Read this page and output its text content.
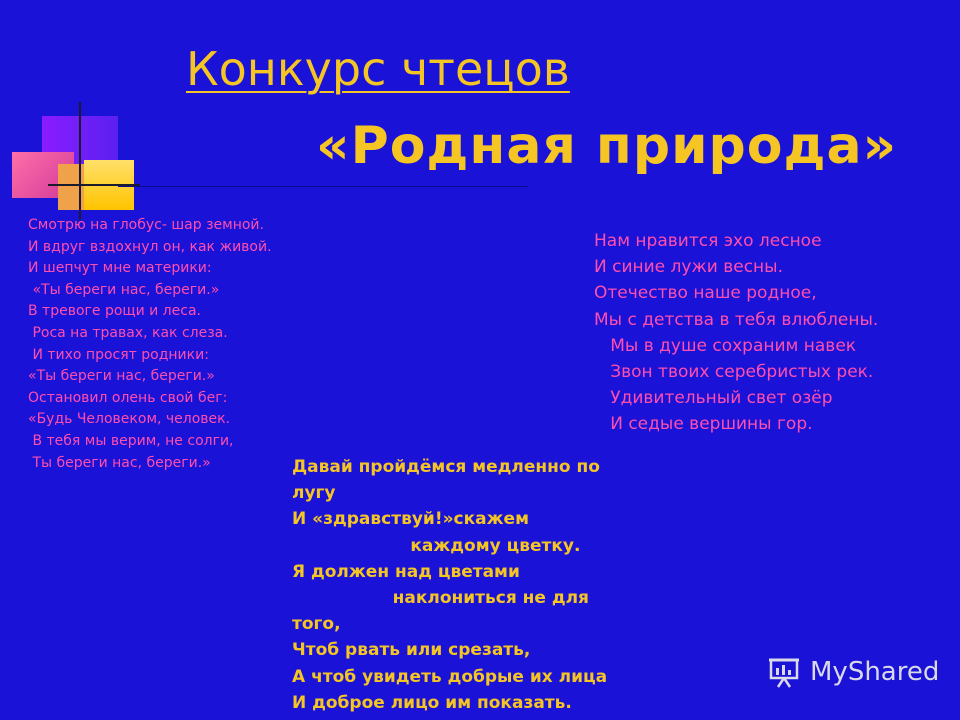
Конкурс чтецов
«Родная природа»
Смотрю на глобус- шар земной.
И вдруг вздохнул он, как живой.
И шепчут мне материки:
«Ты береги нас, береги.»
В тревоге рощи и леса.
Роса на травах, как слеза.
И тихо просят родники:
«Ты береги нас, береги.»
Остановил олень свой бег:
«Будь Человеком, человек.
В тебя мы верим, не солги,
Ты береги нас, береги.»
Нам нравится эхо лесное
И синие лужи весны.
Отечество наше родное,
Мы с детства в тебя влюблены.
Мы в душе сохраним навек
Звон твоих серебристых рек.
Удивительный свет озёр
И седые вершины гор.
Давай пройдёмся медленно по
лугу
И «здравствуй!»скажем
каждому цветку.
Я должен над цветами
наклониться не для
того,
Чтоб рвать или срезать,
А чтоб увидеть добрые их лица
И доброе лицо им показать.
MyShared
